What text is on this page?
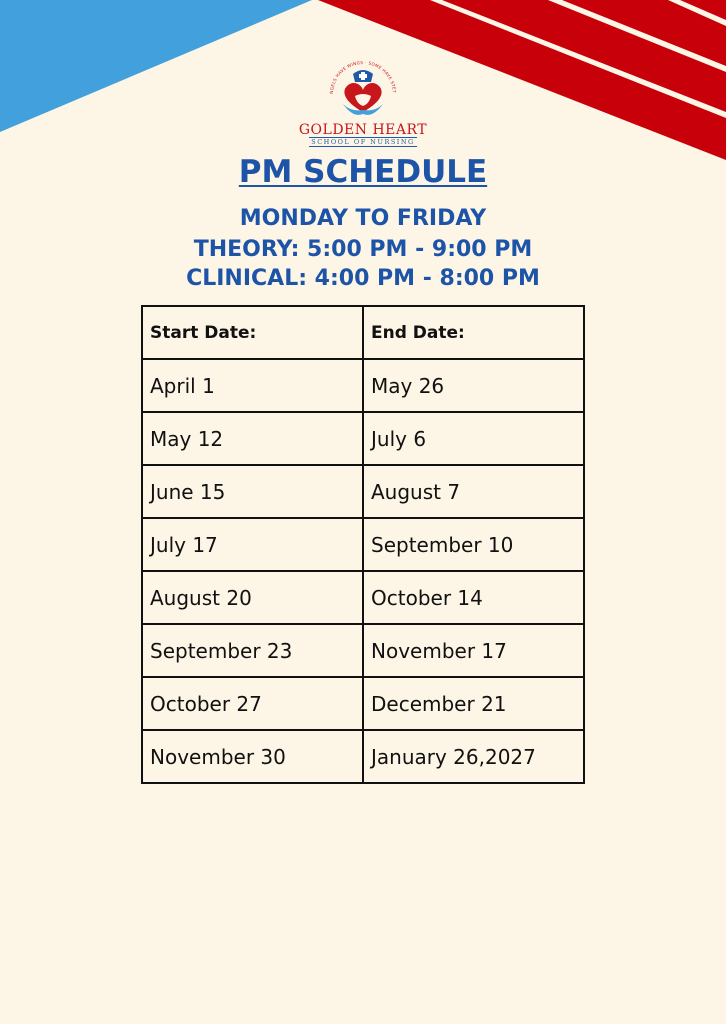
NGELS HAVE WINGS · SOME HAVE STET
GOLDEN HEART
SCHOOL OF NURSING
PM SCHEDULE
MONDAY TO FRIDAY
THEORY: 5:00 PM - 9:00 PM
CLINICAL: 4:00 PM - 8:00 PM
Start Date:	End Date:
April 1	May 26
May 12	July 6
June 15	August 7
July 17	September 10
August 20	October 14
September 23	November 17
October 27	December 21
November 30	January 26,2027
